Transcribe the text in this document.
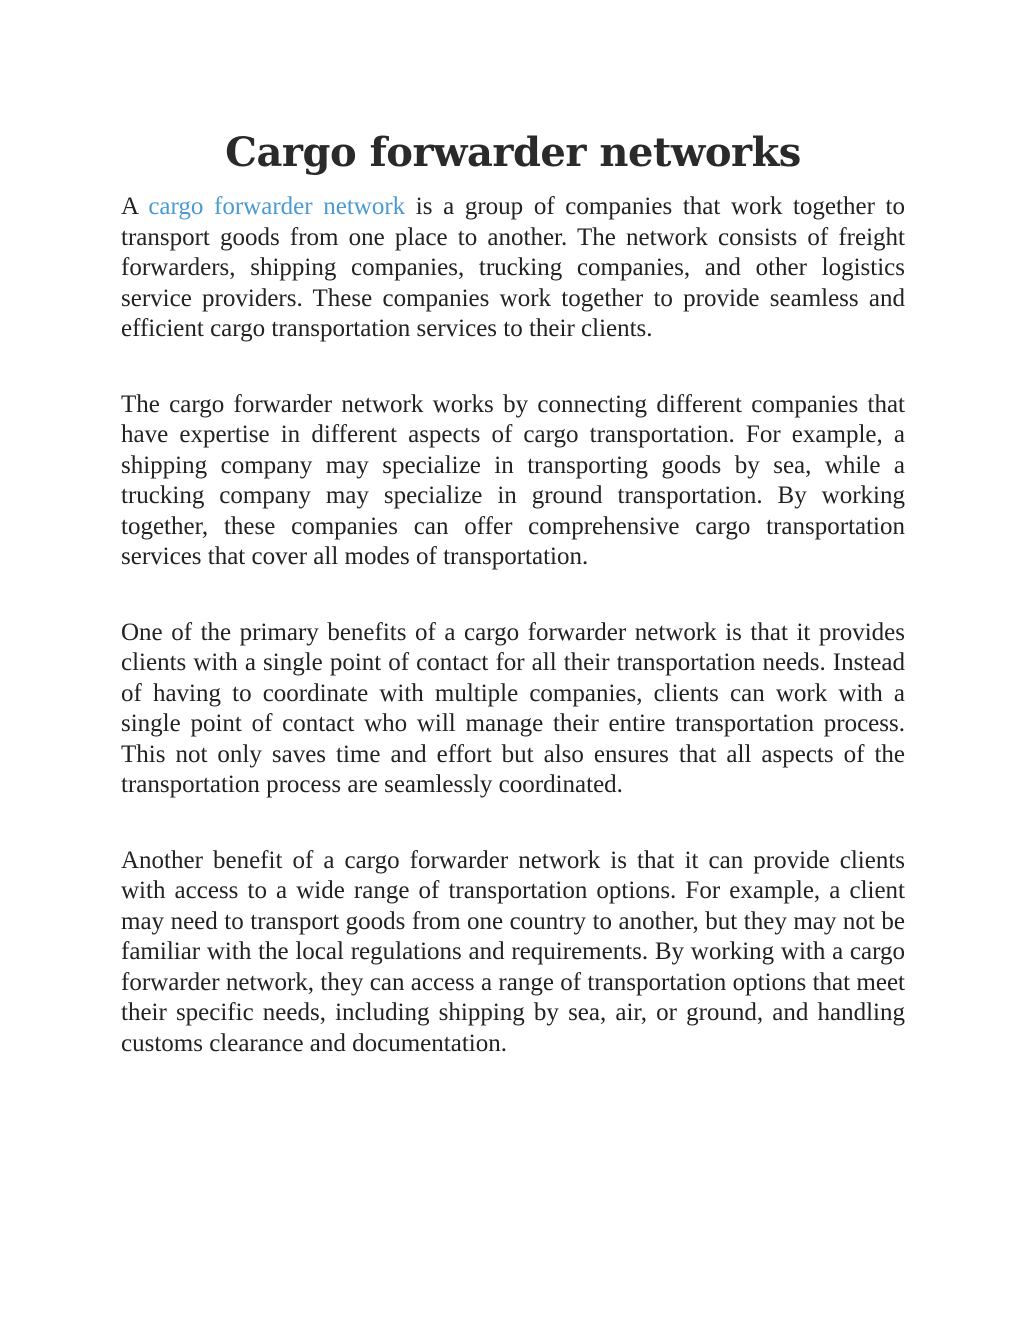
Cargo forwarder networks

A cargo forwarder network is a group of companies that work together to transport goods from one place to another. The network consists of freight forwarders, shipping companies, trucking companies, and other logistics service providers. These companies work together to provide seamless and efficient cargo transportation services to their clients.

The cargo forwarder network works by connecting different companies that have expertise in different aspects of cargo transportation. For example, a shipping company may specialize in transporting goods by sea, while a trucking company may specialize in ground transportation. By working together, these companies can offer comprehensive cargo transportation services that cover all modes of transportation.

One of the primary benefits of a cargo forwarder network is that it provides clients with a single point of contact for all their transportation needs. Instead of having to coordinate with multiple companies, clients can work with a single point of contact who will manage their entire transportation process. This not only saves time and effort but also ensures that all aspects of the transportation process are seamlessly coordinated.

Another benefit of a cargo forwarder network is that it can provide clients with access to a wide range of transportation options. For example, a client may need to transport goods from one country to another, but they may not be familiar with the local regulations and requirements. By working with a cargo forwarder network, they can access a range of transportation options that meet their specific needs, including shipping by sea, air, or ground, and handling customs clearance and documentation.
